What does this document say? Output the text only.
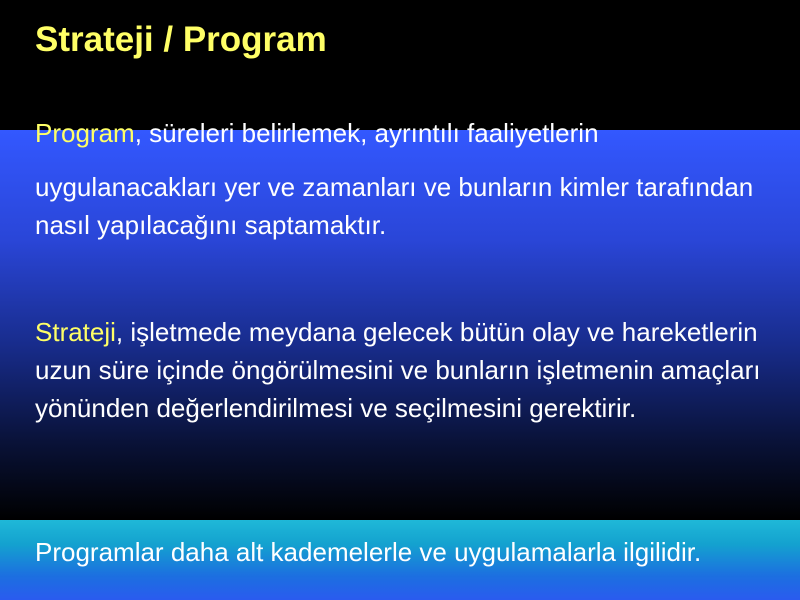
Strateji / Program

Program, süreleri belirlemek, ayrıntılı faaliyetlerin

uygulanacakları yer ve zamanları ve bunların kimler tarafından nasıl yapılacağını saptamaktır.

Strateji, işletmede meydana gelecek bütün olay ve hareketlerin uzun süre içinde öngörülmesini ve bunların işletmenin amaçları yönünden değerlendirilmesi ve seçilmesini gerektirir.

Programlar daha alt kademelerle ve uygulamalarla ilgilidir.
